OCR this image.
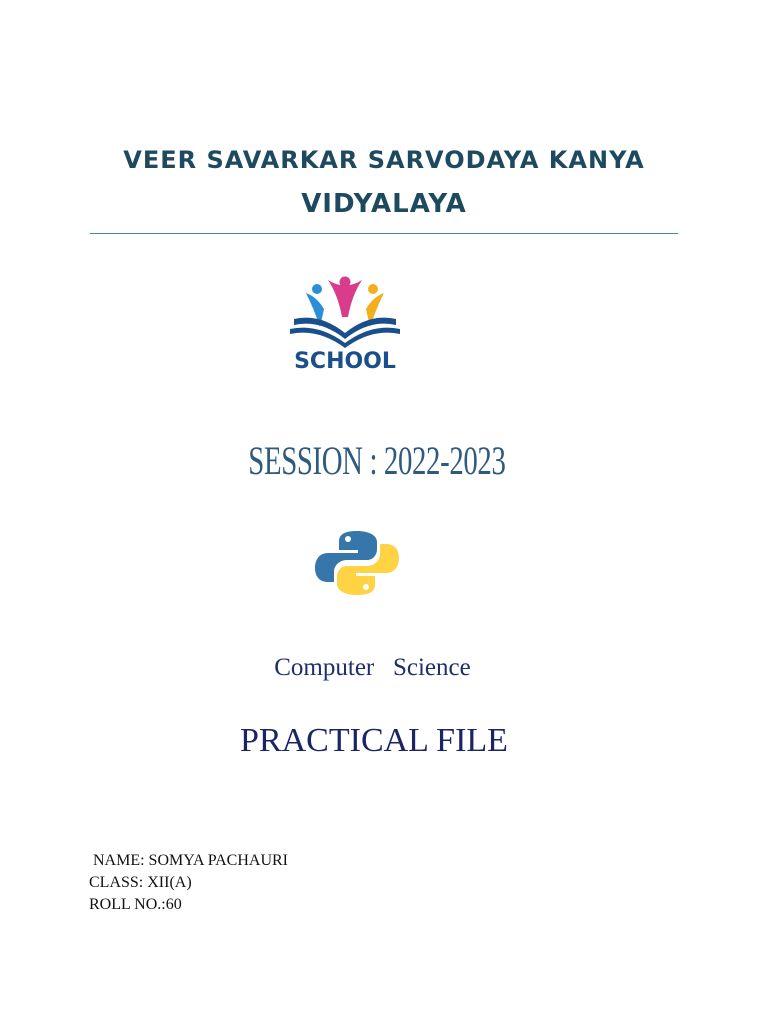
VEER SAVARKAR SARVODAYA KANYA
VIDYALAYA
SCHOOL
SESSION : 2022-2023
Computer   Science
PRACTICAL FILE
NAME: SOMYA PACHAURI
CLASS: XII(A)
ROLL NO.:60
